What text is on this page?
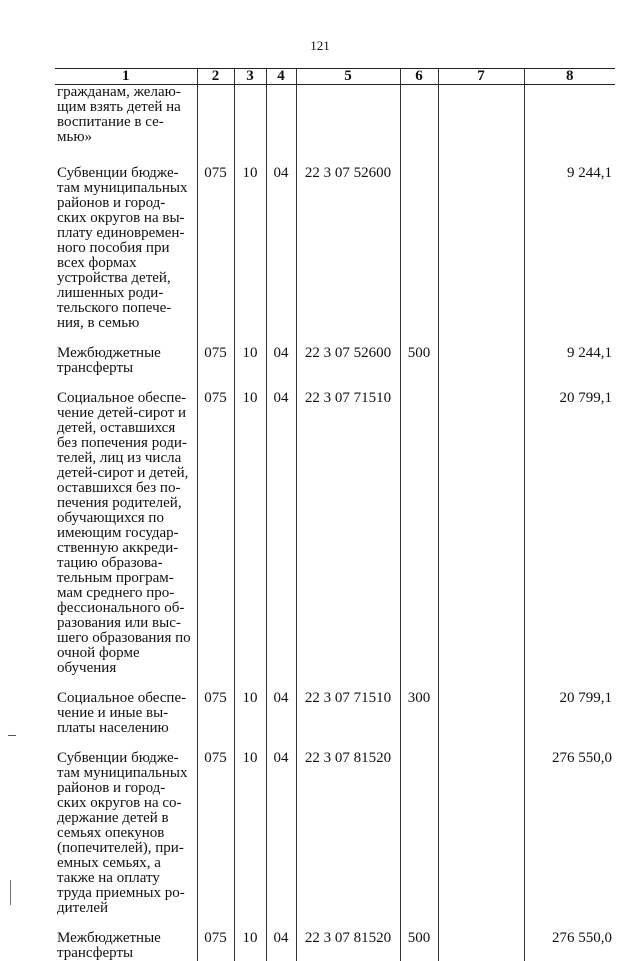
121
1	2	3	4	5	6	7	8
гражданам, желаю-щим взять детей на воспитание в се-мью»							
Субвенции бюдже-там муниципальных районов и город-ских округов на вы-плату единовремен-ного пособия при всех формах устройства детей, лишенных роди-тельского попече-ния, в семью	075	10	04	22 3 07 52600			9 244,1
Межбюджетные трансферты	075	10	04	22 3 07 52600	500		9 244,1
Социальное обеспе-чение детей-сирот и детей, оставшихся без попечения роди-телей, лиц из числа детей-сирот и детей, оставшихся без по-печения родителей, обучающихся по имеющим государ-ственную аккреди-тацию образова-тельным програм-мам среднего про-фессионального об-разования или выс-шего образования по очной форме обучения	075	10	04	22 3 07 71510			20 799,1
Социальное обеспе-чение и иные вы-платы населению	075	10	04	22 3 07 71510	300		20 799,1
Субвенции бюдже-там муниципальных районов и город-ских округов на со-держание детей в семьях опекунов (попечителей), при-емных семьях, а также на оплату труда приемных ро-дителей	075	10	04	22 3 07 81520			276 550,0
Межбюджетные трансферты	075	10	04	22 3 07 81520	500		276 550,0
